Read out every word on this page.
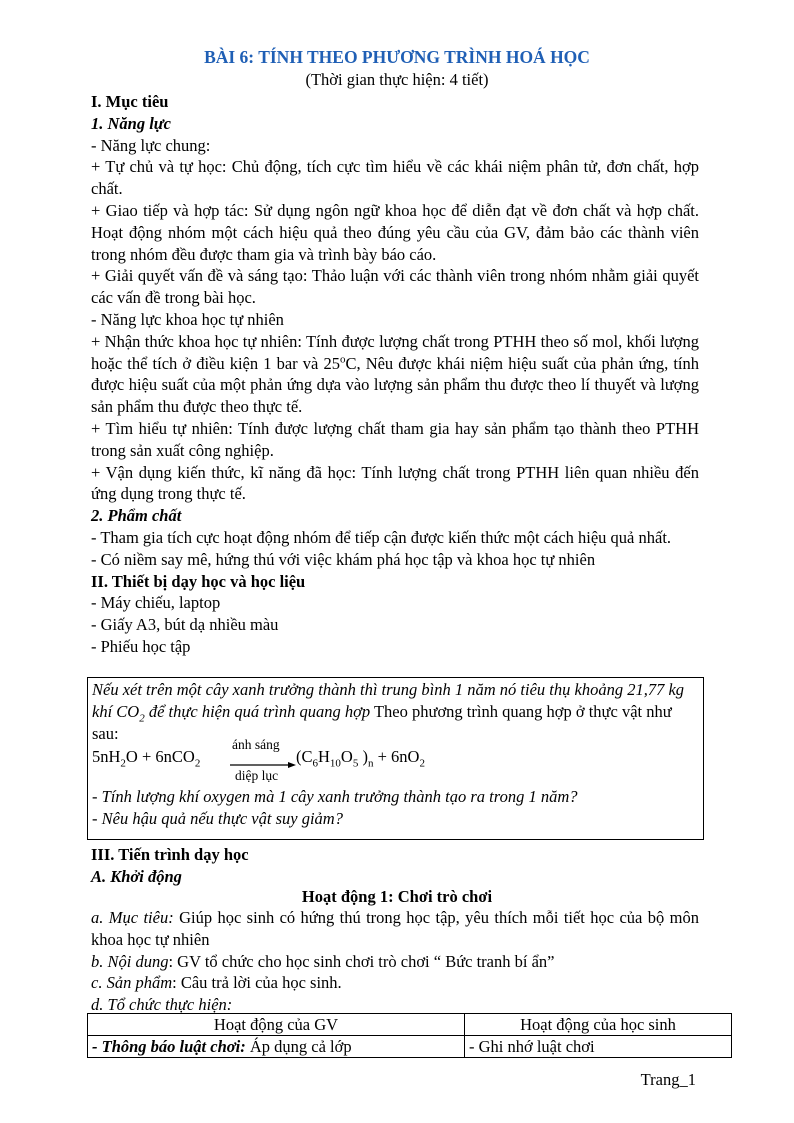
BÀI 6: TÍNH THEO PHƯƠNG TRÌNH HOÁ HỌC
(Thời gian thực hiện: 4 tiết)
I. Mục tiêu
1. Năng lực
- Năng lực chung:
+ Tự chủ và tự học: Chủ động, tích cực tìm hiểu về các khái niệm phân tử, đơn chất, hợp chất.
+ Giao tiếp và hợp tác: Sử dụng ngôn ngữ khoa học để diễn đạt về đơn chất và hợp chất. Hoạt động nhóm một cách hiệu quả theo đúng yêu cầu của GV, đảm bảo các thành viên trong nhóm đều được tham gia và trình bày báo cáo.
+ Giải quyết vấn đề và sáng tạo: Thảo luận với các thành viên trong nhóm nhằm giải quyết các vấn đề trong bài học.
- Năng lực khoa học tự nhiên
+ Nhận thức khoa học tự nhiên: Tính được lượng chất trong PTHH theo số mol, khối lượng hoặc thể tích ở điều kiện 1 bar và 25$^o$C, Nêu được khái niệm hiệu suất của phản ứng, tính được hiệu suất của một phản ứng dựa vào lượng sản phẩm thu được theo lí thuyết và lượng sản phẩm thu được theo thực tế.
+ Tìm hiểu tự nhiên: Tính được lượng chất tham gia hay sản phẩm tạo thành theo PTHH trong sản xuất công nghiệp.
+ Vận dụng kiến thức, kĩ năng đã học: Tính lượng chất trong PTHH liên quan nhiều đến ứng dụng trong thực tế.
2. Phẩm chất
- Tham gia tích cực hoạt động nhóm để tiếp cận được kiến thức một cách hiệu quả nhất.
- Có niềm say mê, hứng thú với việc khám phá học tập và khoa học tự nhiên
II. Thiết bị dạy học và học liệu
- Máy chiếu, laptop
- Giấy A3, bút dạ nhiều màu
- Phiếu học tập
Nếu xét trên một cây xanh trưởng thành thì trung bình 1 năm nó tiêu thụ khoảng 21,77 kg khí $CO_2$ để thực hiện quá trình quang hợp Theo phương trình quang hợp ở thực vật như sau:
$5nH_2O + 6nCO_2$
ánh sáng
diệp lục
($C_6H_{10}O_5$ )$_n + 6nO_2$
- Tính lượng khí oxygen mà 1 cây xanh trưởng thành tạo ra trong 1 năm?
- Nêu hậu quả nếu thực vật suy giảm?
III. Tiến trình dạy học
A. Khởi động
Hoạt động 1: Chơi trò chơi
a. Mục tiêu: Giúp học sinh có hứng thú trong học tập, yêu thích mỗi tiết học của bộ môn khoa học tự nhiên
b. Nội dung: GV tổ chức cho học sinh chơi trò chơi “ Bức tranh bí ẩn”
c. Sản phẩm: Câu trả lời của học sinh.
d. Tổ chức thực hiện:
Hoạt động của GV	Hoạt động của học sinh
- Thông báo luật chơi: Áp dụng cả lớp	- Ghi nhớ luật chơi
Trang_1
